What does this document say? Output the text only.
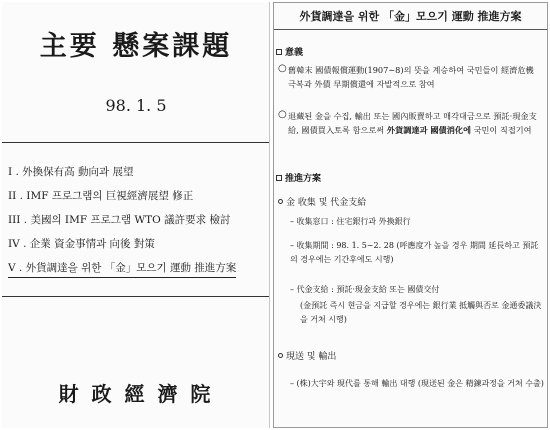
主要 懸案課題
98. 1. 5
I . 外換保有高 動向과 展望
II . IMF 프로그램의 巨視經濟展望 修正
III . 美國의 IMF 프로그램 WTO 議許要求 檢討
IV . 企業 資金事情과 向後 對策
V . 外貨調達을 위한 「金」모으기 運動 推進方案
財 政 經 濟 院
外貨調達을 위한 「金」모으기 運動 推進方案
意義
○ 舊韓末 國債報償運動(1907∼8)의 뜻을 계승하여 국민들이 經濟危機 극복과 外債 早期償還에 자발적으로 참여
○ 退藏된 金을 수집, 輸出 또는 國內販賣하고 매각대금으로 預託·現金支給, 國債買入토록 함으로써 外貨調達과 國債消化에 국민이 직접기여
推進方案
金 收集 및 代金支給
– 收集窓口 : 住宅銀行과 外換銀行
– 收集期間 : 98. 1. 5∼2. 28 (呼應度가 높을 경우 期間 延長하고 預託의 경우에는 기간후에도 시행)
– 代金支給 : 預託·現金支給 또는 國債交付
(金預託 즉시 현금을 지급할 경우에는 銀行業 抵觸與否로 金通委議決을 거쳐 시행)
現送 및 輸出
– (株)大宇와 現代를 통해 輸出 대행 (現送된 金은 精鍊과정을 거쳐 수출)
